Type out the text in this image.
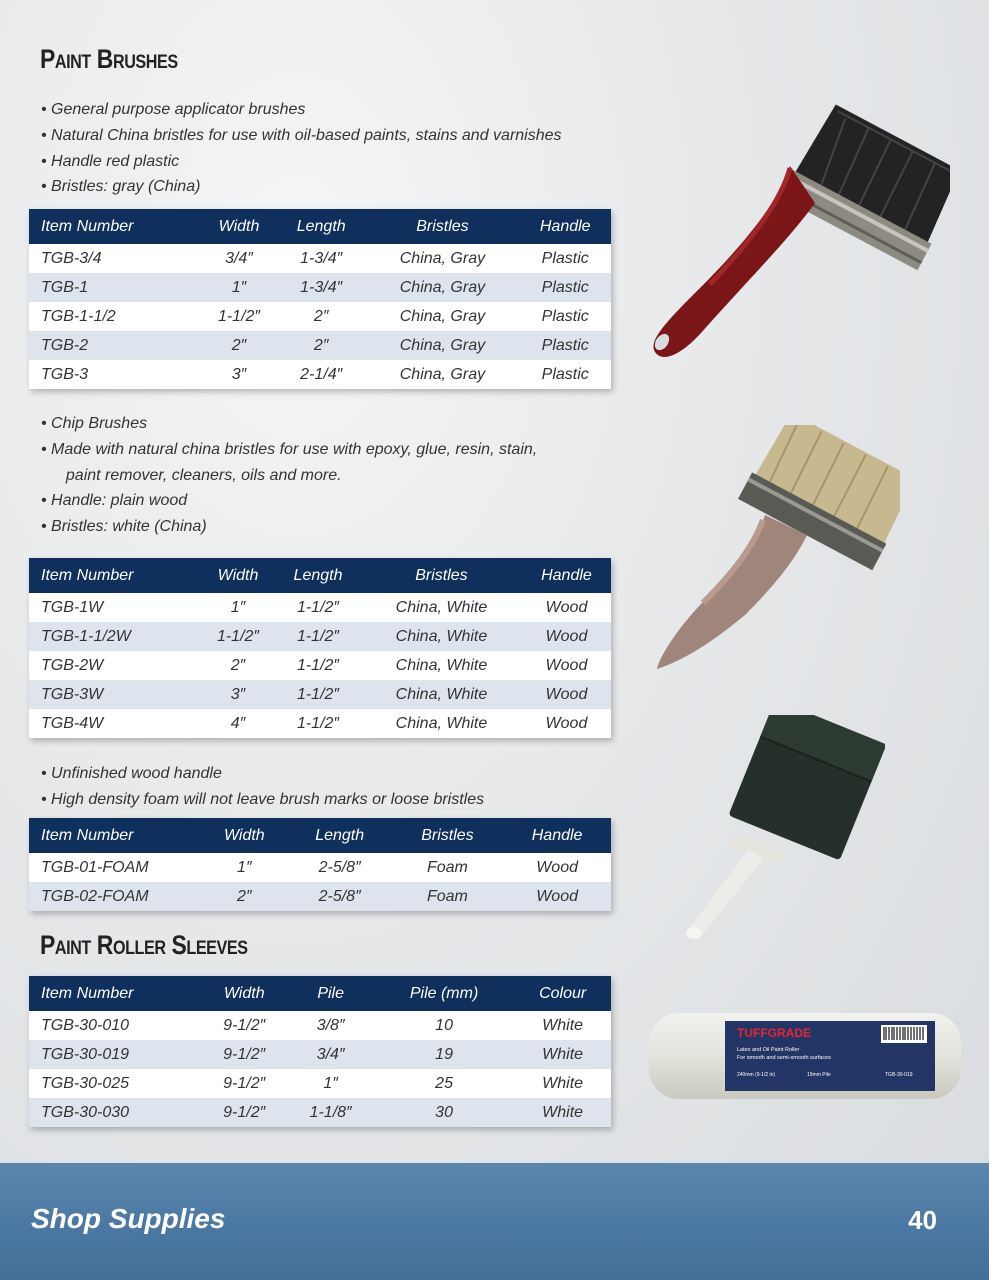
Paint Brushes
• General purpose applicator brushes
• Natural China bristles for use with oil-based paints, stains and varnishes
• Handle red plastic
• Bristles: gray (China)
Item Number	Width	Length	Bristles	Handle
TGB-3/4	3/4″	1-3/4″	China, Gray	Plastic
TGB-1	1″	1-3/4″	China, Gray	Plastic
TGB-1-1/2	1-1/2″	2″	China, Gray	Plastic
TGB-2	2″	2″	China, Gray	Plastic
TGB-3	3″	2-1/4″	China, Gray	Plastic
• Chip Brushes
• Made with natural china bristles for use with epoxy, glue, resin, stain,
paint remover, cleaners, oils and more.
• Handle: plain wood
• Bristles: white (China)
Item Number	Width	Length	Bristles	Handle
TGB-1W	1″	1-1/2″	China, White	Wood
TGB-1-1/2W	1-1/2″	1-1/2″	China, White	Wood
TGB-2W	2″	1-1/2″	China, White	Wood
TGB-3W	3″	1-1/2″	China, White	Wood
TGB-4W	4″	1-1/2″	China, White	Wood
• Unfinished wood handle
• High density foam will not leave brush marks or loose bristles
Item Number	Width	Length	Bristles	Handle
TGB-01-FOAM	1″	2-5/8″	Foam	Wood
TGB-02-FOAM	2″	2-5/8″	Foam	Wood
Paint Roller Sleeves
Item Number	Width	Pile	Pile (mm)	Colour
TGB-30-010	9-1/2″	3/8″	10	White
TGB-30-019	9-1/2″	3/4″	19	White
TGB-30-025	9-1/2″	1″	25	White
TGB-30-030	9-1/2″	1-1/8″	30	White
TUFFGRADE
Latex and Oil Paint Roller
For smooth and semi-smooth surfaces
240mm (9-1/2 in)	19mm Pile	TGB-30-019
Shop Supplies	40
